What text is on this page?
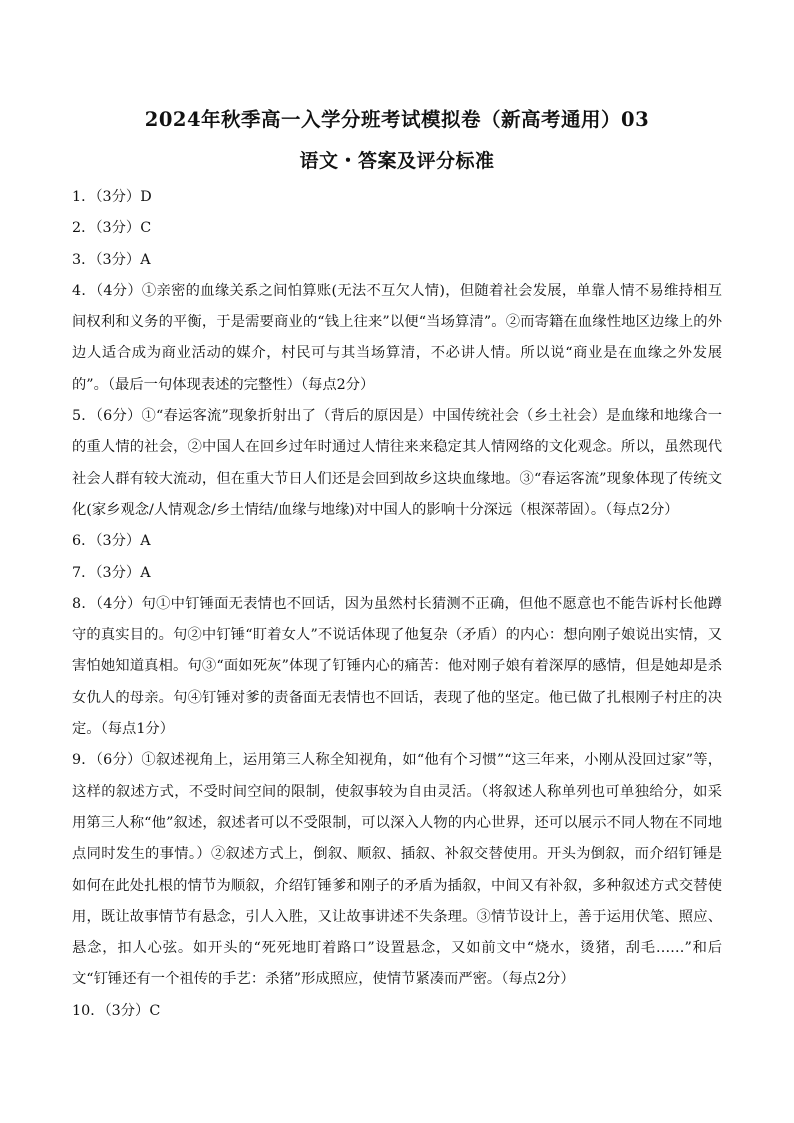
2024年秋季高一入学分班考试模拟卷（新高考通用）03
语文・答案及评分标准

1．（3分）D

2．（3分）C

3．（3分）A

4．（4分）①亲密的血缘关系之间怕算账(无法不互欠人情)，但随着社会发展，单靠人情不易维持相互间权利和义务的平衡，于是需要商业的“钱上往来”以便“当场算清”。②而寄籍在血缘性地区边缘上的外边人适合成为商业活动的媒介，村民可与其当场算清，不必讲人情。所以说“商业是在血缘之外发展的”。（最后一句体现表述的完整性）（每点2分）

5．（6分）①“春运客流”现象折射出了（背后的原因是）中国传统社会（乡土社会）是血缘和地缘合一的重人情的社会，②中国人在回乡过年时通过人情往来来稳定其人情网络的文化观念。所以，虽然现代社会人群有较大流动，但在重大节日人们还是会回到故乡这块血缘地。③“春运客流”现象体现了传统文化(家乡观念/人情观念/乡土情结/血缘与地缘)对中国人的影响十分深远（根深蒂固）。（每点2分）

6．（3分）A

7．（3分）A

8．（4分）句①中钉锤面无表情也不回话，因为虽然村长猜测不正确，但他不愿意也不能告诉村长他蹲守的真实目的。句②中钉锤“盯着女人”不说话体现了他复杂（矛盾）的内心：想向刚子娘说出实情，又害怕她知道真相。句③“面如死灰”体现了钉锤内心的痛苦：他对刚子娘有着深厚的感情，但是她却是杀女仇人的母亲。句④钉锤对爹的责备面无表情也不回话，表现了他的坚定。他已做了扎根刚子村庄的决定。（每点1分）

9．（6分）①叙述视角上，运用第三人称全知视角，如“他有个习惯”“这三年来，小刚从没回过家”等，这样的叙述方式，不受时间空间的限制，使叙事较为自由灵活。（将叙述人称单列也可单独给分，如采用第三人称“他”叙述，叙述者可以不受限制，可以深入人物的内心世界，还可以展示不同人物在不同地点同时发生的事情。）②叙述方式上，倒叙、顺叙、插叙、补叙交替使用。开头为倒叙，而介绍钉锤是如何在此处扎根的情节为顺叙，介绍钉锤爹和刚子的矛盾为插叙，中间又有补叙，多种叙述方式交替使用，既让故事情节有悬念，引人入胜，又让故事讲述不失条理。③情节设计上，善于运用伏笔、照应、悬念，扣人心弦。如开头的“死死地盯着路口”设置悬念，又如前文中“烧水，烫猪，刮毛……”和后文“钉锤还有一个祖传的手艺：杀猪”形成照应，使情节紧凑而严密。（每点2分）

10．（3分）C
